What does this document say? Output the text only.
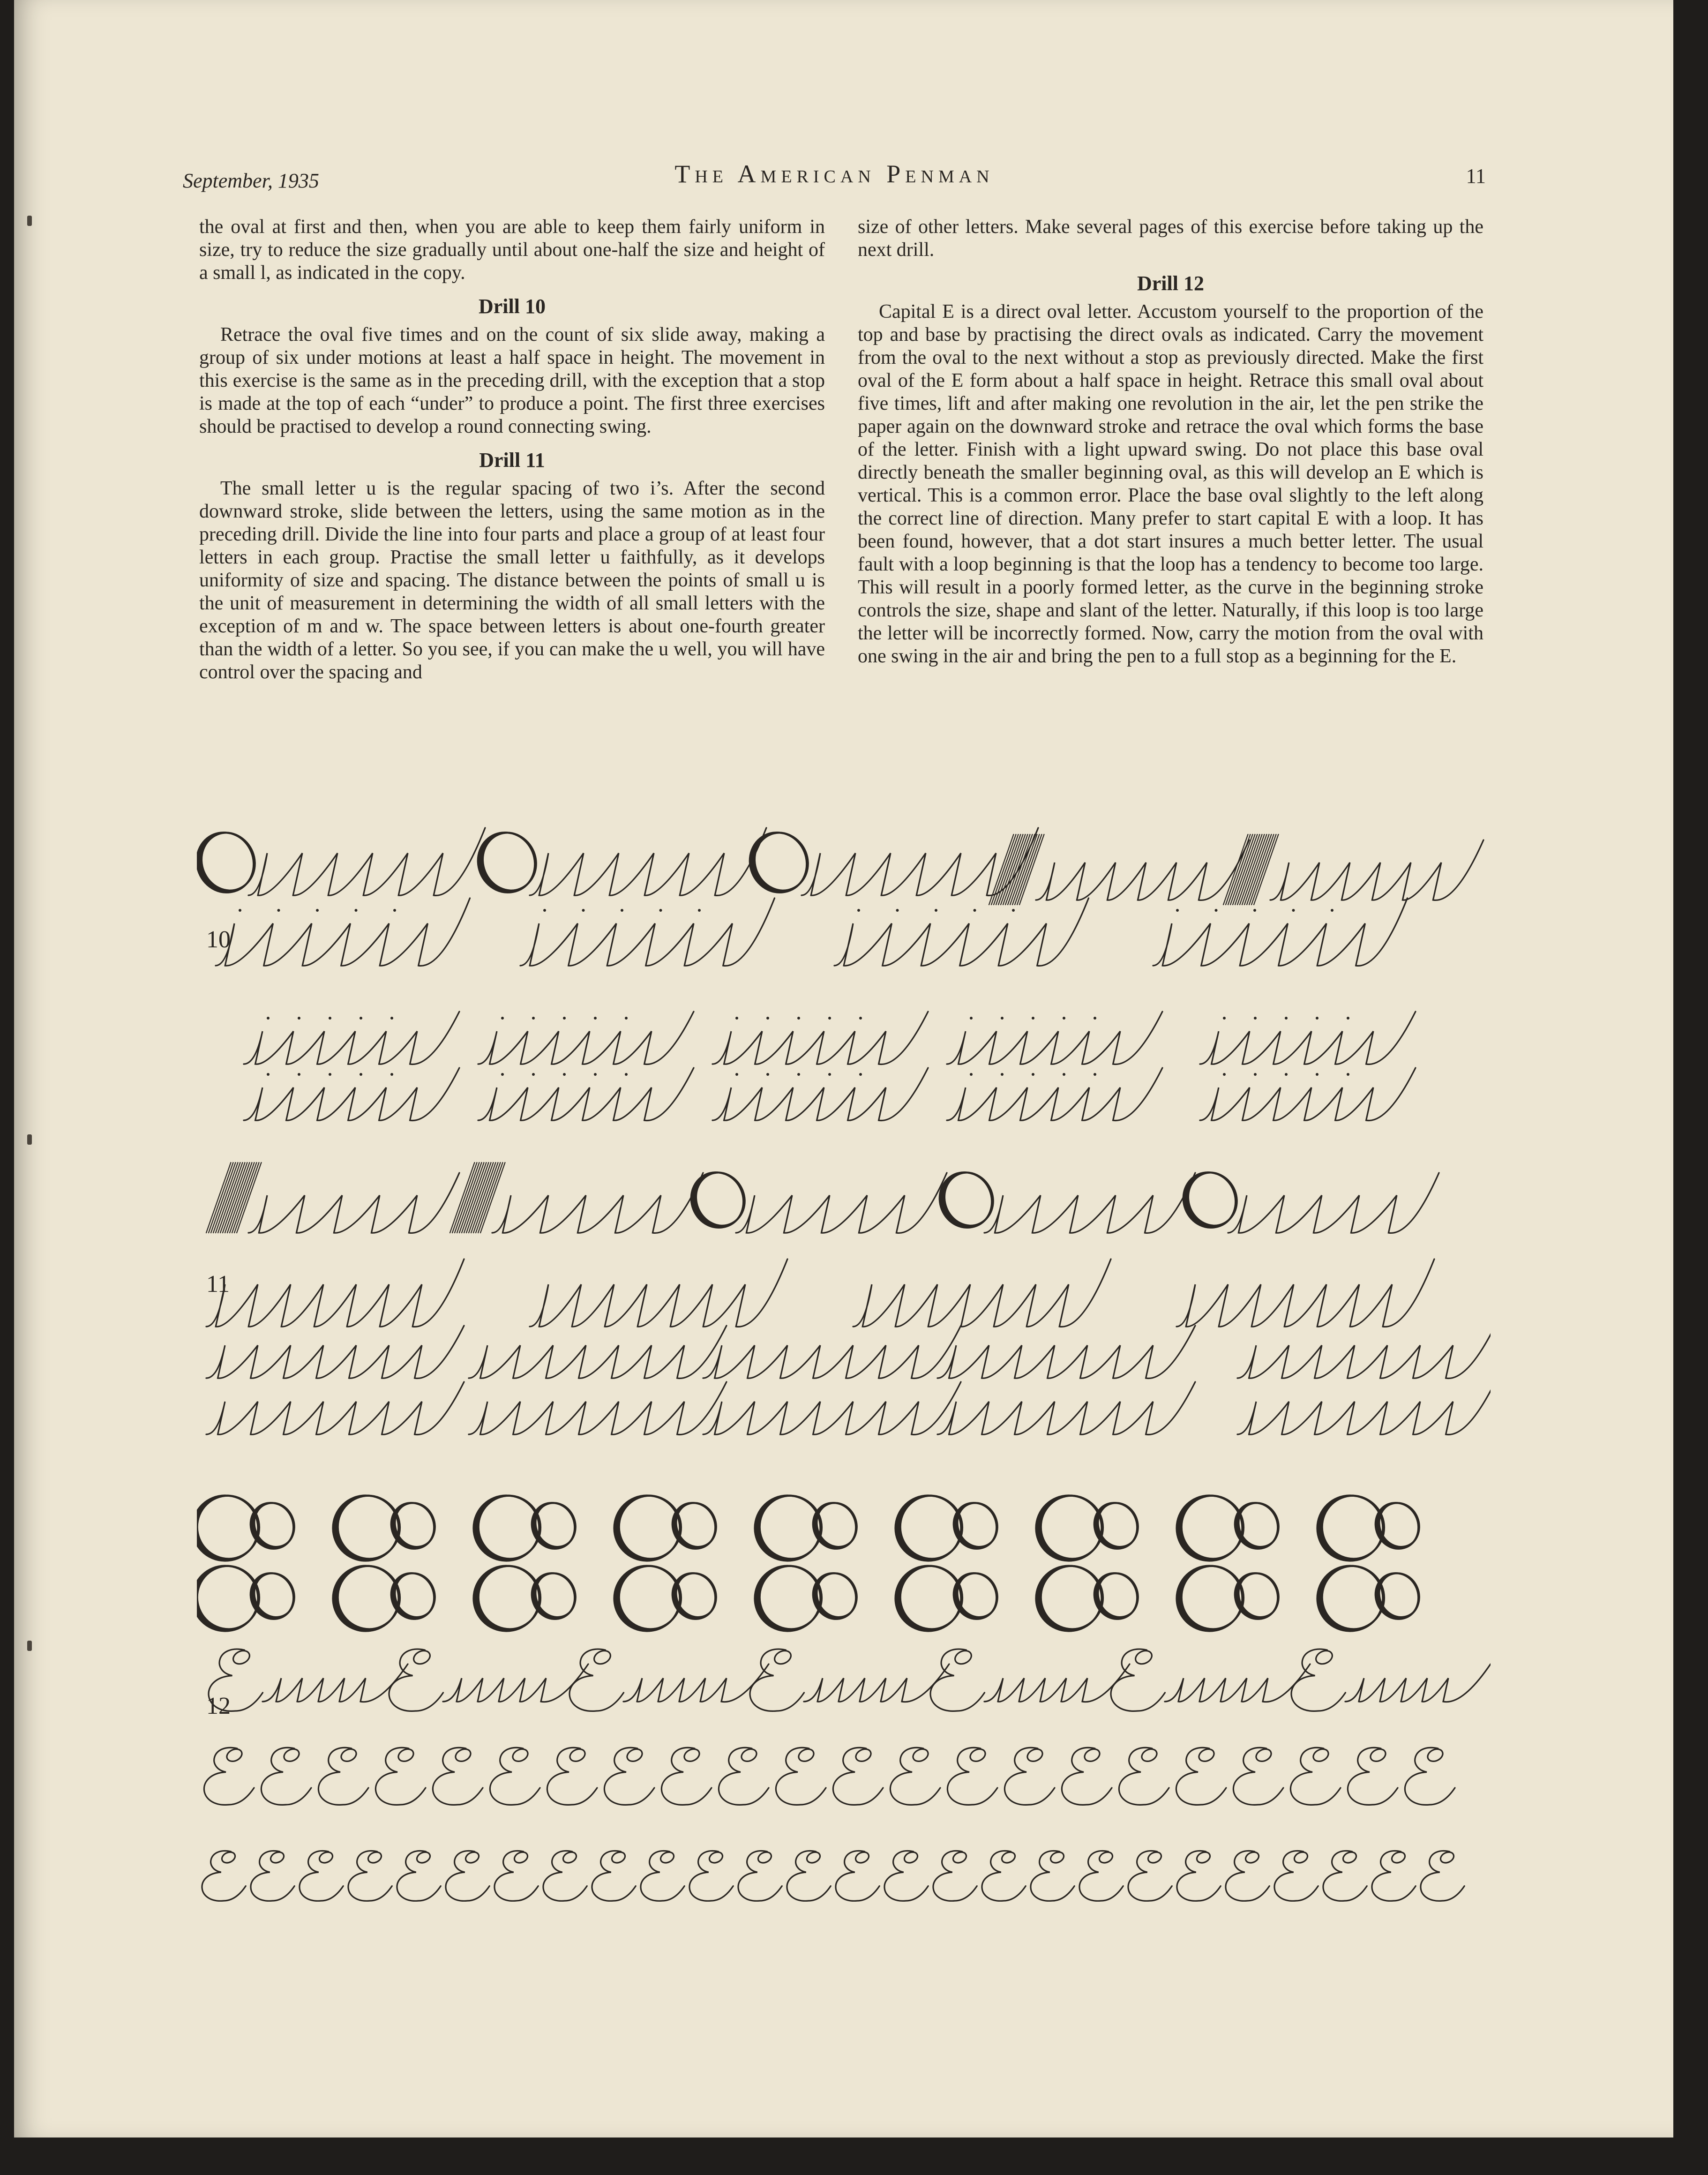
September, 1935	The American Penman	11

the oval at first and then, when you are able to keep them fairly uniform in size, try to reduce the size gradually until about one-half the size and height of a small l, as indicated in the copy.

Drill 10

Retrace the oval five times and on the count of six slide away, making a group of six under motions at least a half space in height. The movement in this exercise is the same as in the preceding drill, with the exception that a stop is made at the top of each “under” to produce a point. The first three exercises should be practised to develop a round connecting swing.

Drill 11

The small letter u is the regular spacing of two i’s. After the second downward stroke, slide between the letters, using the same motion as in the preceding drill. Divide the line into four parts and place a group of at least four letters in each group. Practise the small letter u faithfully, as it develops uniformity of size and spacing. The distance between the points of small u is the unit of measurement in determining the width of all small letters with the exception of m and w. The space between letters is about one-fourth greater than the width of a letter. So you see, if you can make the u well, you will have control over the spacing and

size of other letters. Make several pages of this exercise before taking up the next drill.

Drill 12

Capital E is a direct oval letter. Accustom yourself to the proportion of the top and base by practising the direct ovals as indicated. Carry the movement from the oval to the next without a stop as previously directed. Make the first oval of the E form about a half space in height. Retrace this small oval about five times, lift and after making one revolution in the air, let the pen strike the paper again on the downward stroke and retrace the oval which forms the base of the letter. Finish with a light upward swing. Do not place this base oval directly beneath the smaller beginning oval, as this will develop an E which is vertical. This is a common error. Place the base oval slightly to the left along the correct line of direction. Many prefer to start capital E with a loop. It has been found, however, that a dot start insures a much better letter. The usual fault with a loop beginning is that the loop has a tendency to become too large. This will result in a poorly formed letter, as the curve in the beginning stroke controls the size, shape and slant of the letter. Naturally, if this loop is too large the letter will be incorrectly formed. Now, carry the motion from the oval with one swing in the air and bring the pen to a full stop as a beginning for the E.

10
11
12
